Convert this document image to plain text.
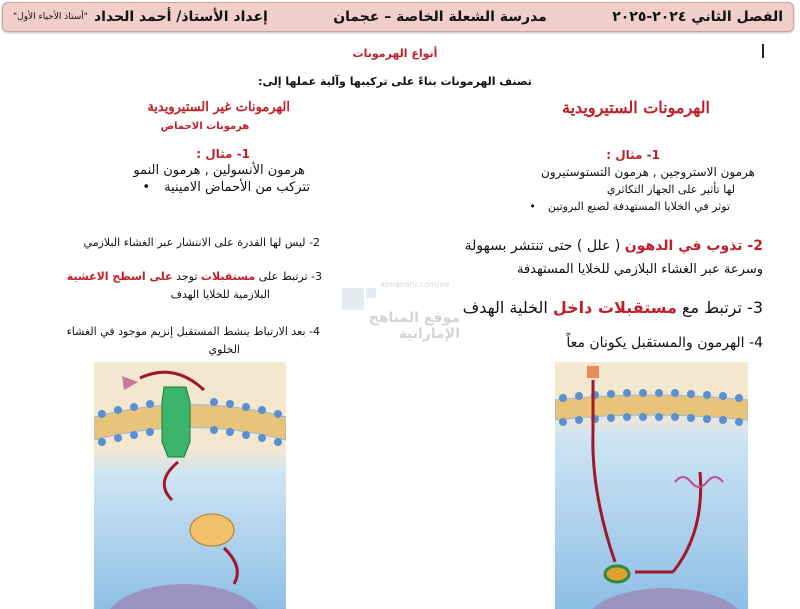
إعداد الأستاذ/ أحمد الحداد
"أستاذ الأحياء الأول"	مدرسة الشعلة الخاصة – عجمان	الفصل الثاني ٢٠٢٤-٢٠٢٥
أنواع الهرمونات
تصنف الهرمونات بناءً على تركيبها وآلية عملها إلى:
الهرمونات الستيرويدية
1- مثال :
هرمون الاستروجين , هرمون التستوستيرون
لها تأثير على الجهاز التكاثري
توثر في الخلايا المستهدفة لصنع البروتين•
2- تذوب في الدهون ( علل ) حتى تنتشر بسهولة
وسرعة عبر الغشاء البلازمي للخلايا المستهدفة
3- ترتبط مع مستقبلات داخل الخلية الهدف
4- الهرمون والمستقبل يكونان معاً
الهرمونات غير الستيرويدية
هرمونات الاحماض
1- مثال :
هرمون الأنسولين , هرمون النمو
تتركب من الأحماض الامينية•
2- ليس لها القدرة على الانتشار عبر الغشاء البلازمي
3- ترتبط على مستقبلات توجد على اسطح الاغشية
البلازمية للخلايا الهدف
4- بعد الارتباط ينشط المستقبل إنزيم موجود في الغشاء
الخلوي
almanahj.com/ae
موقع المناهج الإماراتية
